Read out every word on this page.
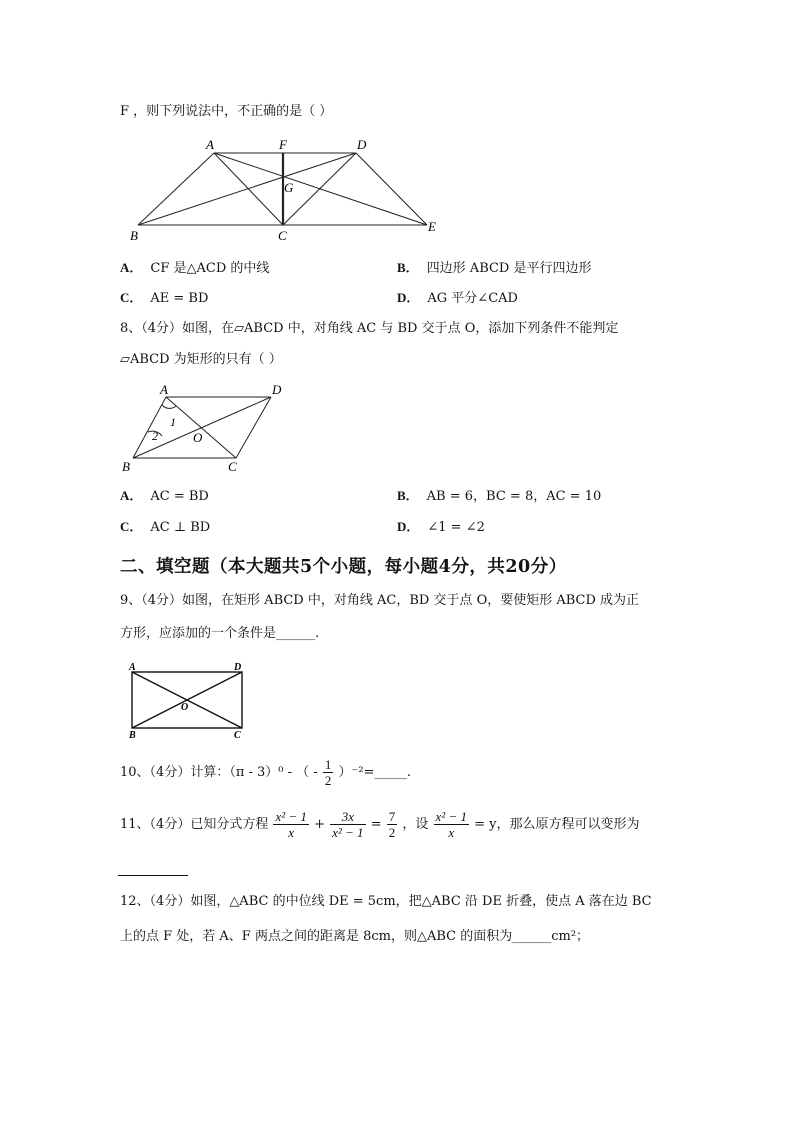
F ，则下列说法中，不正确的是（ ）
A	F	D
G
B	C
E
A． CF 是△ACD 的中线	B． 四边形 ABCD 是平行四边形
C． AE = BD	D． AG 平分∠CAD
8、（4分）如图，在▱ABCD 中，对角线 AC 与 BD 交于点 O，添加下列条件不能判定
▱ABCD 为矩形的只有（ ）
A	D
B	C
O
1
2
A． AC = BD	B． AB = 6，BC = 8，AC = 10
C． AC ⊥ BD	D． ∠1 = ∠2
二、填空题（本大题共5个小题，每小题4分，共20分）
9、（4分）如图，在矩形 ABCD 中，对角线 AC，BD 交于点 O，要使矩形 ABCD 成为正
方形，应添加的一个条件是______.
A	D
B	C
O
10、（4分）计算：（π - 3）⁰ - （ - $\frac{1}{2}$ ）⁻²=_____.
11、（4分）已知分式方程 $\frac{\text{x² − 1}}{x} + \frac{3x}{\text{x² − 1}} = \frac{7}{2}$ ，设 $\frac{\text{x² − 1}}{x} = y$，那么原方程可以变形为
12、（4分）如图，△ABC 的中位线 DE = 5cm，把△ABC 沿 DE 折叠，使点 A 落在边 BC
上的点 F 处，若 A、F 两点之间的距离是 8cm，则△ABC 的面积为______cm²；
